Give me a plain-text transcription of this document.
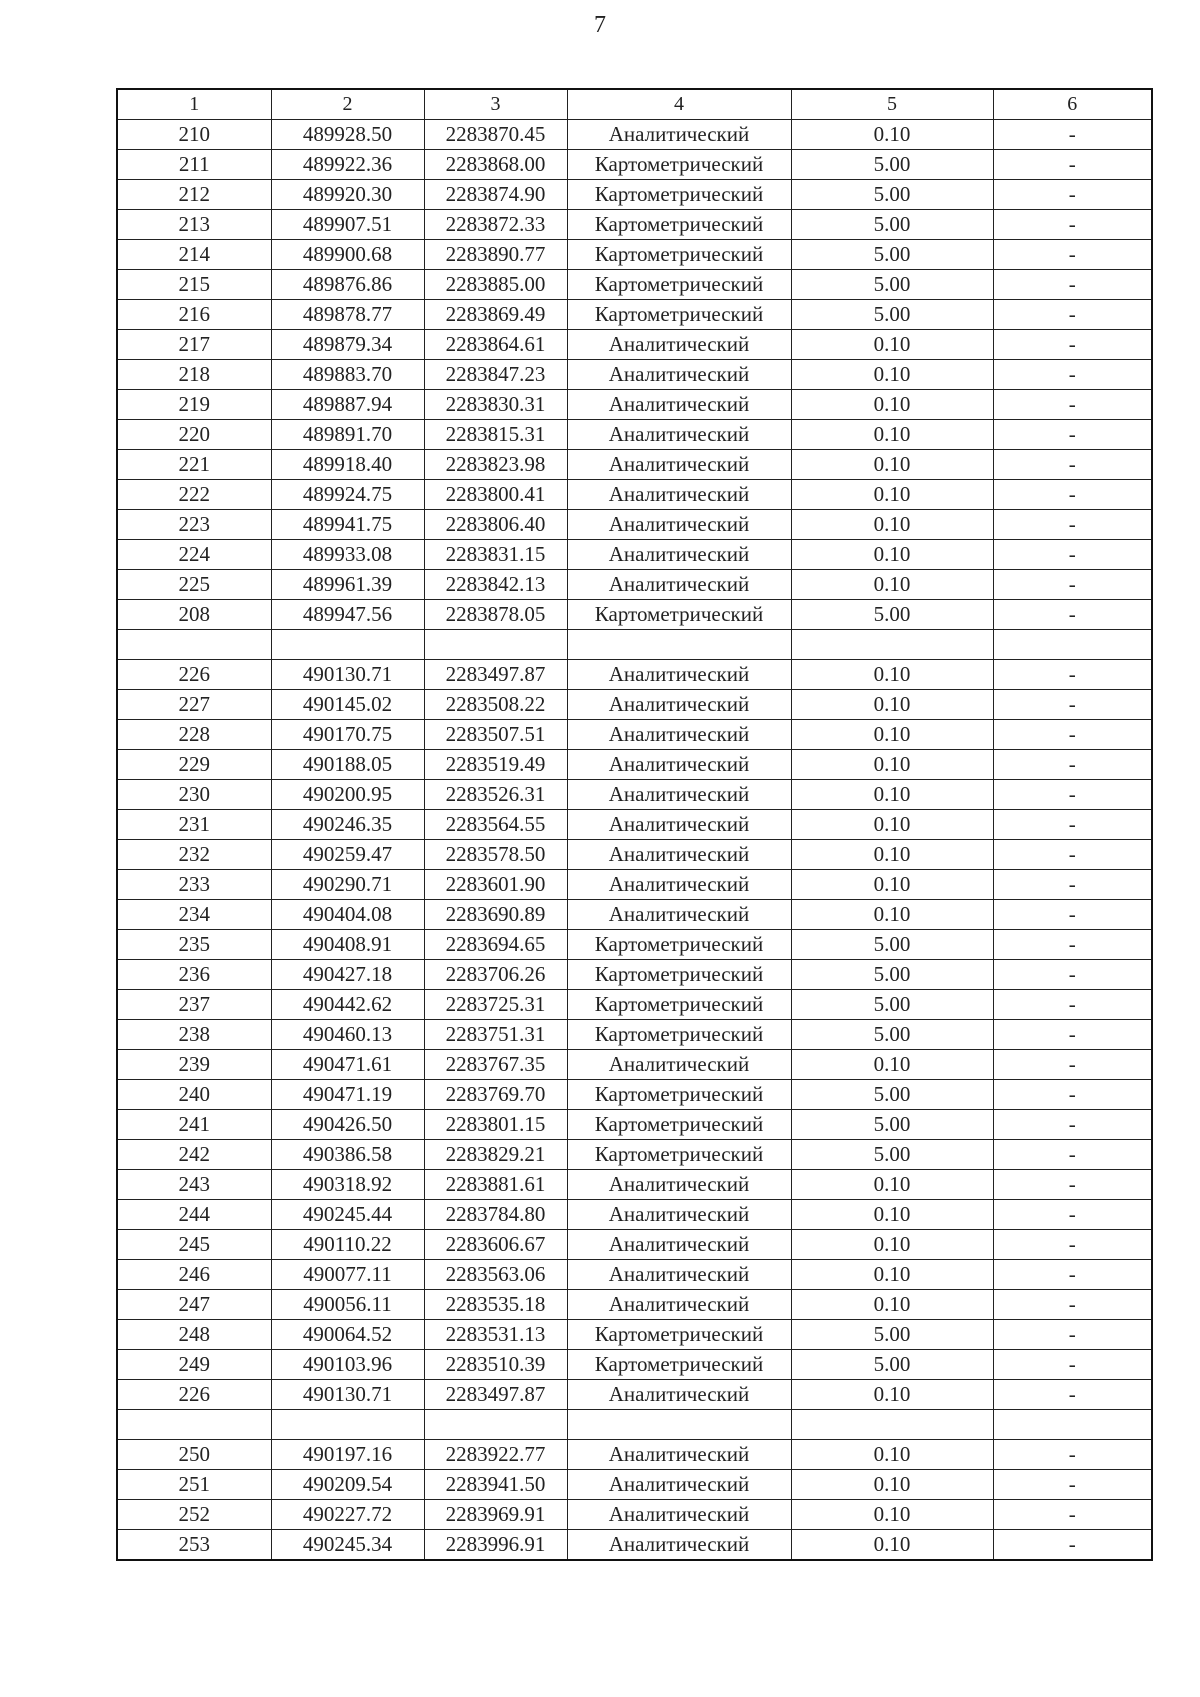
7
1	2	3	4	5	6
210	489928.50	2283870.45	Аналитический	0.10	-
211	489922.36	2283868.00	Картометрический	5.00	-
212	489920.30	2283874.90	Картометрический	5.00	-
213	489907.51	2283872.33	Картометрический	5.00	-
214	489900.68	2283890.77	Картометрический	5.00	-
215	489876.86	2283885.00	Картометрический	5.00	-
216	489878.77	2283869.49	Картометрический	5.00	-
217	489879.34	2283864.61	Аналитический	0.10	-
218	489883.70	2283847.23	Аналитический	0.10	-
219	489887.94	2283830.31	Аналитический	0.10	-
220	489891.70	2283815.31	Аналитический	0.10	-
221	489918.40	2283823.98	Аналитический	0.10	-
222	489924.75	2283800.41	Аналитический	0.10	-
223	489941.75	2283806.40	Аналитический	0.10	-
224	489933.08	2283831.15	Аналитический	0.10	-
225	489961.39	2283842.13	Аналитический	0.10	-
208	489947.56	2283878.05	Картометрический	5.00	-

226	490130.71	2283497.87	Аналитический	0.10	-
227	490145.02	2283508.22	Аналитический	0.10	-
228	490170.75	2283507.51	Аналитический	0.10	-
229	490188.05	2283519.49	Аналитический	0.10	-
230	490200.95	2283526.31	Аналитический	0.10	-
231	490246.35	2283564.55	Аналитический	0.10	-
232	490259.47	2283578.50	Аналитический	0.10	-
233	490290.71	2283601.90	Аналитический	0.10	-
234	490404.08	2283690.89	Аналитический	0.10	-
235	490408.91	2283694.65	Картометрический	5.00	-
236	490427.18	2283706.26	Картометрический	5.00	-
237	490442.62	2283725.31	Картометрический	5.00	-
238	490460.13	2283751.31	Картометрический	5.00	-
239	490471.61	2283767.35	Аналитический	0.10	-
240	490471.19	2283769.70	Картометрический	5.00	-
241	490426.50	2283801.15	Картометрический	5.00	-
242	490386.58	2283829.21	Картометрический	5.00	-
243	490318.92	2283881.61	Аналитический	0.10	-
244	490245.44	2283784.80	Аналитический	0.10	-
245	490110.22	2283606.67	Аналитический	0.10	-
246	490077.11	2283563.06	Аналитический	0.10	-
247	490056.11	2283535.18	Аналитический	0.10	-
248	490064.52	2283531.13	Картометрический	5.00	-
249	490103.96	2283510.39	Картометрический	5.00	-
226	490130.71	2283497.87	Аналитический	0.10	-

250	490197.16	2283922.77	Аналитический	0.10	-
251	490209.54	2283941.50	Аналитический	0.10	-
252	490227.72	2283969.91	Аналитический	0.10	-
253	490245.34	2283996.91	Аналитический	0.10	-
